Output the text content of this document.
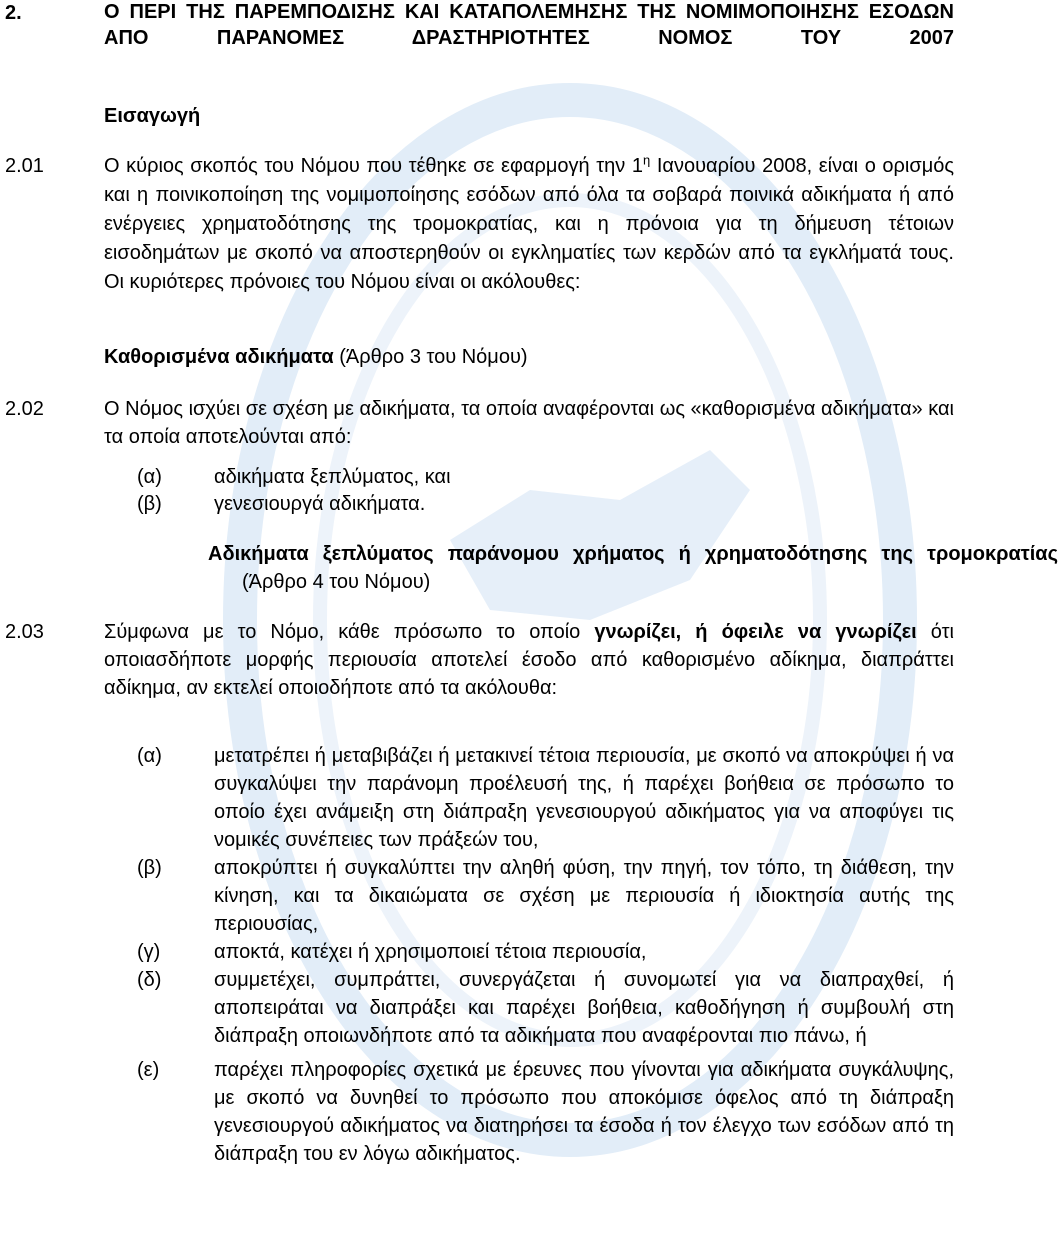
2.	Ο ΠΕΡΙ ΤΗΣ ΠΑΡΕΜΠΟΔΙΣΗΣ ΚΑΙ ΚΑΤΑΠΟΛΕΜΗΣΗΣ ΤΗΣ ΝΟΜΙΜΟΠΟΙΗΣΗΣ ΕΣΟΔΩΝ ΑΠΟ ΠΑΡΑΝΟΜΕΣ ΔΡΑΣΤΗΡΙΟΤΗΤΕΣ ΝΟΜΟΣ ΤΟΥ 2007
Εισαγωγή
2.01	Ο κύριος σκοπός του Νόμου που τέθηκε σε εφαρμογή την $1^\eta$ Ιανουαρίου 2008, είναι ο ορισμός και η ποινικοποίηση της νομιμοποίησης εσόδων από όλα τα σοβαρά ποινικά αδικήματα ή από ενέργειες χρηματοδότησης της τρομοκρατίας, και η πρόνοια για τη δήμευση τέτοιων εισοδημάτων με σκοπό να αποστερηθούν οι εγκληματίες των κερδών από τα εγκλήματά τους. Οι κυριότερες πρόνοιες του Νόμου είναι οι ακόλουθες:
Καθορισμένα αδικήματα (Άρθρο 3 του Νόμου)
2.02	Ο Νόμος ισχύει σε σχέση με αδικήματα, τα οποία αναφέρονται ως «καθορισμένα αδικήματα» και τα οποία αποτελούνται από:
(α)	αδικήματα ξεπλύματος, και
(β)	γενεσιουργά αδικήματα.
Αδικήματα ξεπλύματος παράνομου χρήματος ή χρηματοδότησης της τρομοκρατίας (Άρθρο 4 του Νόμου)
2.03	Σύμφωνα με το Νόμο, κάθε πρόσωπο το οποίο γνωρίζει, ή όφειλε να γνωρίζει ότι οποιασδήποτε μορφής περιουσία αποτελεί έσοδο από καθορισμένο αδίκημα, διαπράττει αδίκημα, αν εκτελεί οποιοδήποτε από τα ακόλουθα:
(α)	μετατρέπει ή μεταβιβάζει ή μετακινεί τέτοια περιουσία, με σκοπό να αποκρύψει ή να συγκαλύψει την παράνομη προέλευσή της, ή παρέχει βοήθεια σε πρόσωπο το οποίο έχει ανάμειξη στη διάπραξη γενεσιουργού αδικήματος για να αποφύγει τις νομικές συνέπειες των πράξεών του,
(β)	αποκρύπτει ή συγκαλύπτει την αληθή φύση, την πηγή, τον τόπο, τη διάθεση, την κίνηση, και τα δικαιώματα σε σχέση με περιουσία ή ιδιοκτησία αυτής της περιουσίας,
(γ)	αποκτά, κατέχει ή χρησιμοποιεί τέτοια περιουσία,
(δ)	συμμετέχει, συμπράττει, συνεργάζεται ή συνομωτεί για να διαπραχθεί, ή αποπειράται να διαπράξει και παρέχει βοήθεια, καθοδήγηση ή συμβουλή στη διάπραξη οποιωνδήποτε από τα αδικήματα που αναφέρονται πιο πάνω, ή
(ε)	παρέχει πληροφορίες σχετικά με έρευνες που γίνονται για αδικήματα συγκάλυψης, με σκοπό να δυνηθεί το πρόσωπο που αποκόμισε όφελος από τη διάπραξη γενεσιουργού αδικήματος να διατηρήσει τα έσοδα ή τον έλεγχο των εσόδων από τη διάπραξη του εν λόγω αδικήματος.
